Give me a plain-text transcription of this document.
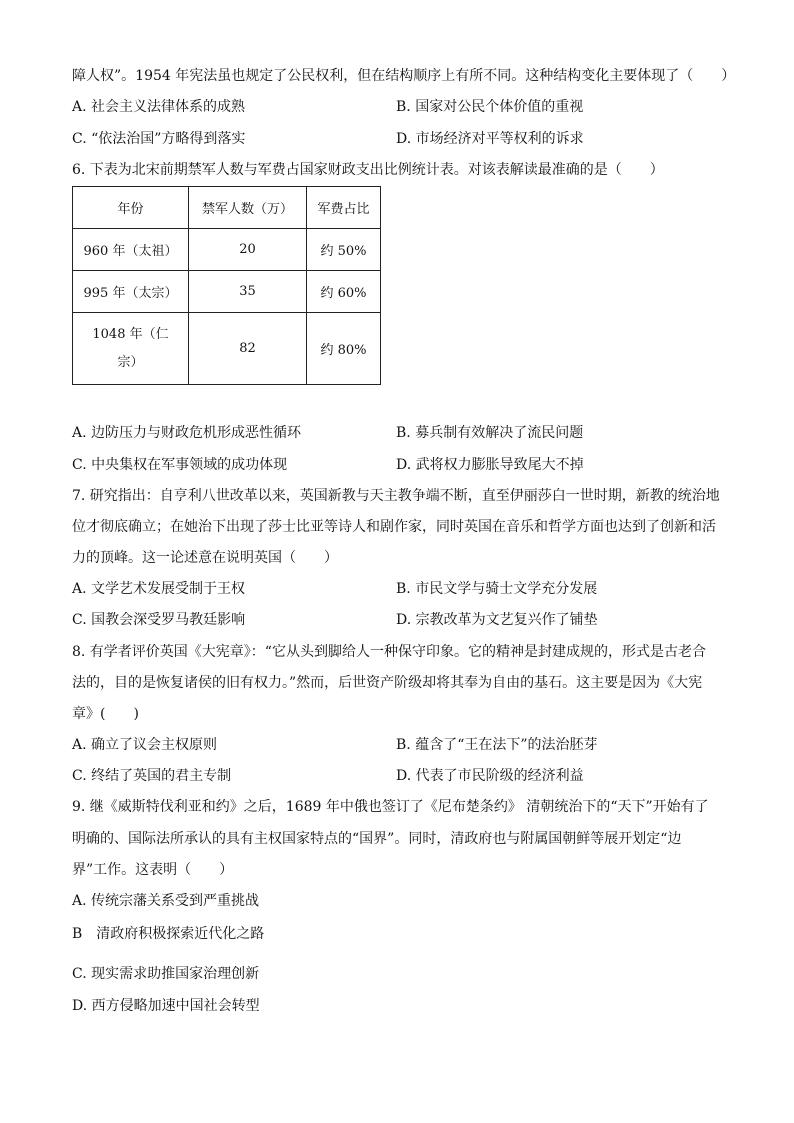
障人权”。1954 年宪法虽也规定了公民权利，但在结构顺序上有所不同。这种结构变化主要体现了（　　）
A. 社会主义法律体系的成熟	B. 国家对公民个体价值的重视
C. “依法治国”方略得到落实	D. 市场经济对平等权利的诉求
6. 下表为北宋前期禁军人数与军费占国家财政支出比例统计表。对该表解读最准确的是（　　）
年份	禁军人数（万）	军费占比
960 年（太祖）	20	约 50%
995 年（太宗）	35	约 60%

1048 年（仁
宗）	82	约 80%
A. 边防压力与财政危机形成恶性循环	B. 募兵制有效解决了流民问题
C. 中央集权在军事领域的成功体现	D. 武将权力膨胀导致尾大不掉
7. 研究指出：自亨利八世改革以来，英国新教与天主教争端不断，直至伊丽莎白一世时期，新教的统治地
位才彻底确立；在她治下出现了莎士比亚等诗人和剧作家，同时英国在音乐和哲学方面也达到了创新和活
力的顶峰。这一论述意在说明英国（　　）
A. 文学艺术发展受制于王权	B. 市民文学与骑士文学充分发展
C. 国教会深受罗马教廷影响	D. 宗教改革为文艺复兴作了铺垫
8. 有学者评价英国《大宪章》：“它从头到脚给人一种保守印象。它的精神是封建成规的，形式是古老合
法的，目的是恢复诸侯的旧有权力。”然而，后世资产阶级却将其奉为自由的基石。这主要是因为《大宪
章》(　　)
A. 确立了议会主权原则	B. 蕴含了“王在法下”的法治胚芽
C. 终结了英国的君主专制	D. 代表了市民阶级的经济利益
9. 继《威斯特伐利亚和约》之后，1689 年中俄也签订了《尼布楚条约》 清朝统治下的“天下”开始有了
明确的、国际法所承认的具有主权国家特点的“国界”。同时，清政府也与附属国朝鲜等展开划定“边
界”工作。这表明（　　）
A. 传统宗藩关系受到严重挑战
B　清政府积极探索近代化之路
C. 现实需求助推国家治理创新
D. 西方侵略加速中国社会转型
